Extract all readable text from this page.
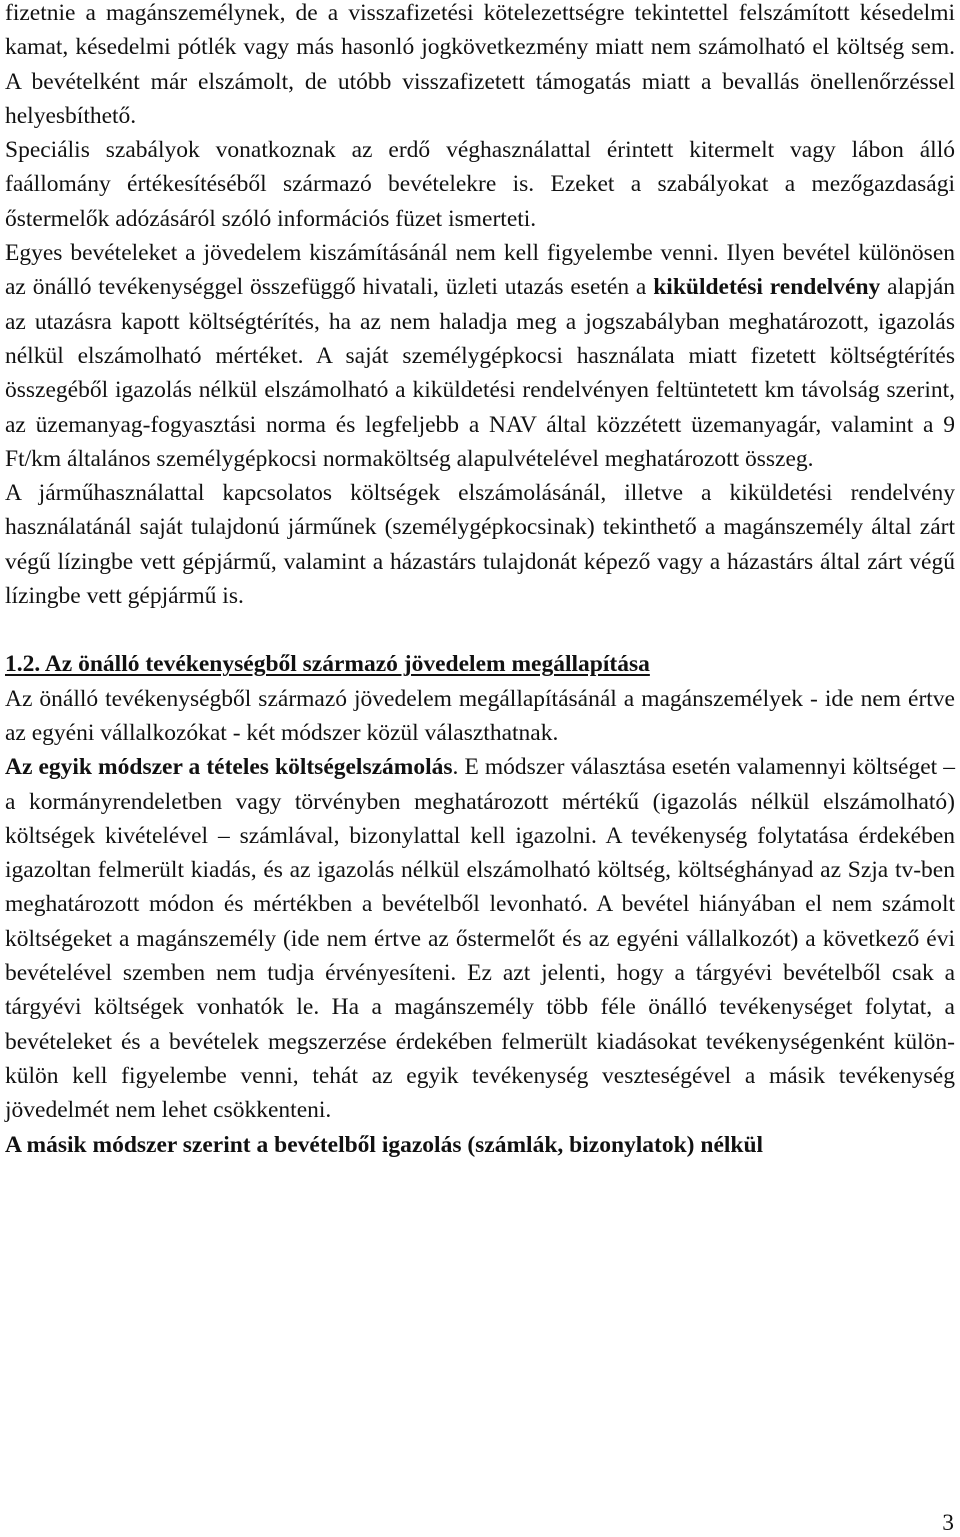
fizetnie a magánszemélynek, de a visszafizetési kötelezettségre tekintettel felszámított késedelmi kamat, késedelmi pótlék vagy más hasonló jogkövetkezmény miatt nem számolható el költség sem. A bevételként már elszámolt, de utóbb visszafizetett támogatás miatt a bevallás önellenőrzéssel helyesbíthető.

Speciális szabályok vonatkoznak az erdő véghasználattal érintett kitermelt vagy lábon álló faállomány értékesítéséből származó bevételekre is. Ezeket a szabályokat a mezőgazdasági őstermelők adózásáról szóló információs füzet ismerteti.

Egyes bevételeket a jövedelem kiszámításánál nem kell figyelembe venni. Ilyen bevétel különösen az önálló tevékenységgel összefüggő hivatali, üzleti utazás esetén a kiküldetési rendelvény alapján az utazásra kapott költségtérítés, ha az nem haladja meg a jogszabályban meghatározott, igazolás nélkül elszámolható mértéket. A saját személygépkocsi használata miatt fizetett költségtérítés összegéből igazolás nélkül elszámolható a kiküldetési rendelvényen feltüntetett km távolság szerint, az üzemanyag-fogyasztási norma és legfeljebb a NAV által közzétett üzemanyagár, valamint a 9 Ft/km általános személygépkocsi normaköltség alapulvételével meghatározott összeg.

A járműhasználattal kapcsolatos költségek elszámolásánál, illetve a kiküldetési rendelvény használatánál saját tulajdonú járműnek (személygépkocsinak) tekinthető a magánszemély által zárt végű lízingbe vett gépjármű, valamint a házastárs tulajdonát képező vagy a házastárs által zárt végű lízingbe vett gépjármű is.

1.2. Az önálló tevékenységből származó jövedelem megállapítása

Az önálló tevékenységből származó jövedelem megállapításánál a magánszemélyek - ide nem értve az egyéni vállalkozókat - két módszer közül választhatnak.

Az egyik módszer a tételes költségelszámolás. E módszer választása esetén valamennyi költséget – a kormányrendeletben vagy törvényben meghatározott mértékű (igazolás nélkül elszámolható) költségek kivételével – számlával, bizonylattal kell igazolni. A tevékenység folytatása érdekében igazoltan felmerült kiadás, és az igazolás nélkül elszámolható költség, költséghányad az Szja tv-ben meghatározott módon és mértékben a bevételből levonható. A bevétel hiányában el nem számolt költségeket a magánszemély (ide nem értve az őstermelőt és az egyéni vállalkozót) a következő évi bevételével szemben nem tudja érvényesíteni. Ez azt jelenti, hogy a tárgyévi bevételből csak a tárgyévi költségek vonhatók le. Ha a magánszemély több féle önálló tevékenységet folytat, a bevételeket és a bevételek megszerzése érdekében felmerült kiadásokat tevékenységenként külön-külön kell figyelembe venni, tehát az egyik tevékenység veszteségével a másik tevékenység jövedelmét nem lehet csökkenteni.

A másik módszer szerint a bevételből igazolás (számlák, bizonylatok) nélkül

3
